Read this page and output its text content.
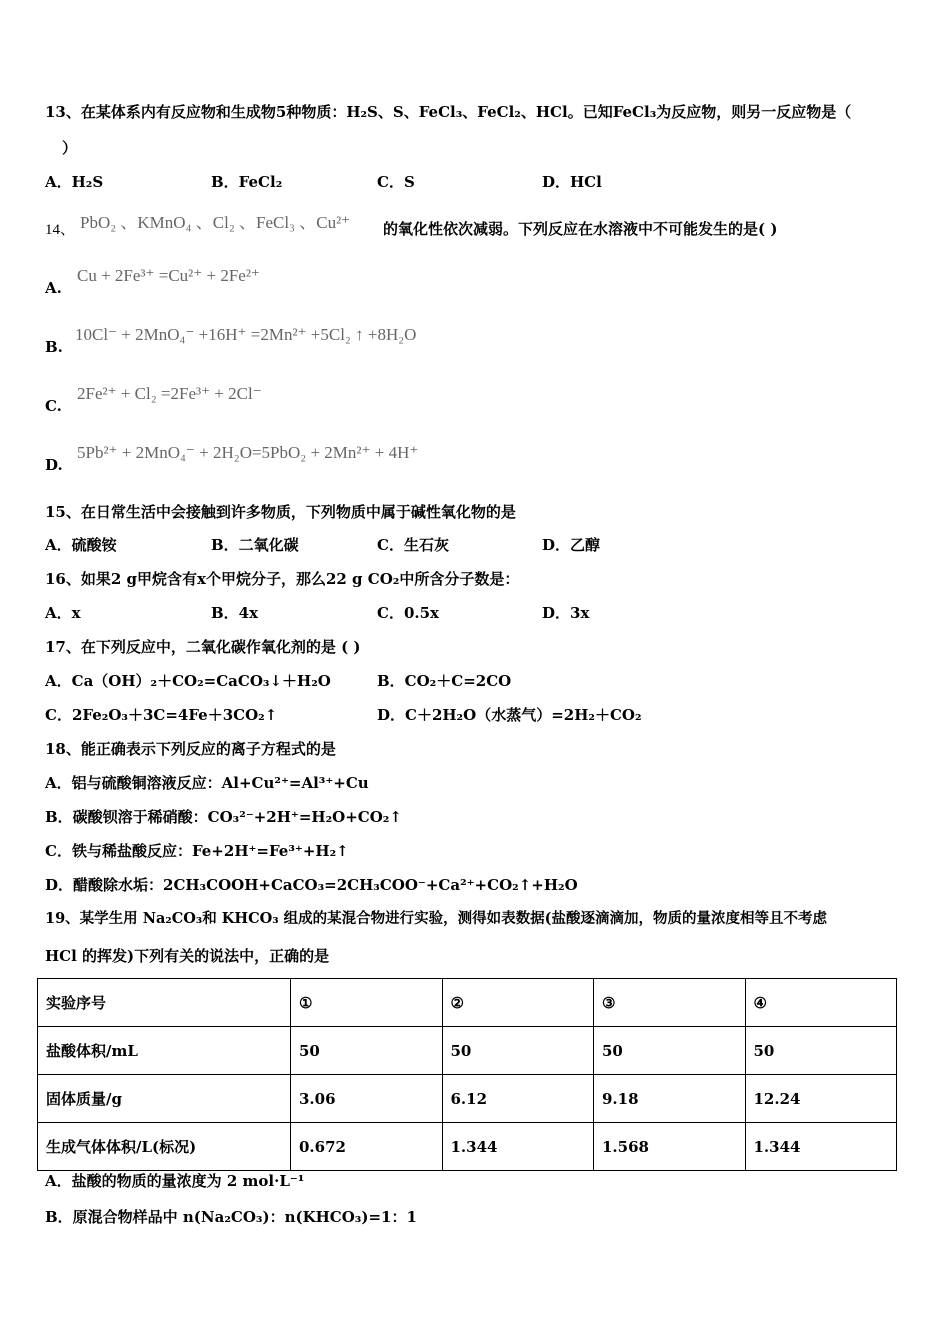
13、在某体系内有反应物和生成物5种物质：H₂S、S、FeCl₃、FeCl₂、HCl。已知FeCl₃为反应物，则另一反应物是（
）
A．H₂S	B．FeCl₂	C．S	D．HCl
14、 PbO₂ 、KMnO₄ 、Cl₂ 、FeCl₃ 、Cu²⁺ 的氧化性依次减弱。下列反应在水溶液中不可能发生的是( )
A.
Cu + 2Fe³⁺ =Cu²⁺ + 2Fe²⁺
B.
10Cl⁻ + 2MnO₄⁻ +16H⁺ =2Mn²⁺ +5Cl₂ ↑ +8H₂O
C.
2Fe²⁺ + Cl₂ =2Fe³⁺ + 2Cl⁻
D.
5Pb²⁺ + 2MnO₄⁻ + 2H₂O=5PbO₂ + 2Mn²⁺ + 4H⁺
15、在日常生活中会接触到许多物质，下列物质中属于碱性氧化物的是
A．硫酸铵	B．二氧化碳	C．生石灰	D．乙醇
16、如果2 g甲烷含有x个甲烷分子，那么22 g CO₂中所含分子数是：
A．x	B．4x	C．0.5x	D．3x
17、在下列反应中，二氧化碳作氧化剂的是 ( )
A．Ca（OH）₂＋CO₂=CaCO₃↓＋H₂O	B．CO₂＋C=2CO
C．2Fe₂O₃＋3C=4Fe＋3CO₂↑	D．C＋2H₂O（水蒸气）=2H₂＋CO₂
18、能正确表示下列反应的离子方程式的是
A．铝与硫酸铜溶液反应：Al+Cu²⁺=Al³⁺+Cu
B．碳酸钡溶于稀硝酸：CO₃²⁻+2H⁺=H₂O+CO₂↑
C．铁与稀盐酸反应：Fe+2H⁺=Fe³⁺+H₂↑
D．醋酸除水垢：2CH₃COOH+CaCO₃=2CH₃COO⁻+Ca²⁺+CO₂↑+H₂O
19、某学生用 Na₂CO₃和 KHCO₃ 组成的某混合物进行实验，测得如表数据(盐酸逐滴滴加，物质的量浓度相等且不考虑
HCl 的挥发)下列有关的说法中，正确的是
实验序号	①	②	③	④
盐酸体积/mL	50	50	50	50
固体质量/g	3.06	6.12	9.18	12.24
生成气体体积/L(标况)	0.672	1.344	1.568	1.344
A．盐酸的物质的量浓度为 2 mol·L⁻¹
B．原混合物样品中 n(Na₂CO₃)：n(KHCO₃)=1：1
